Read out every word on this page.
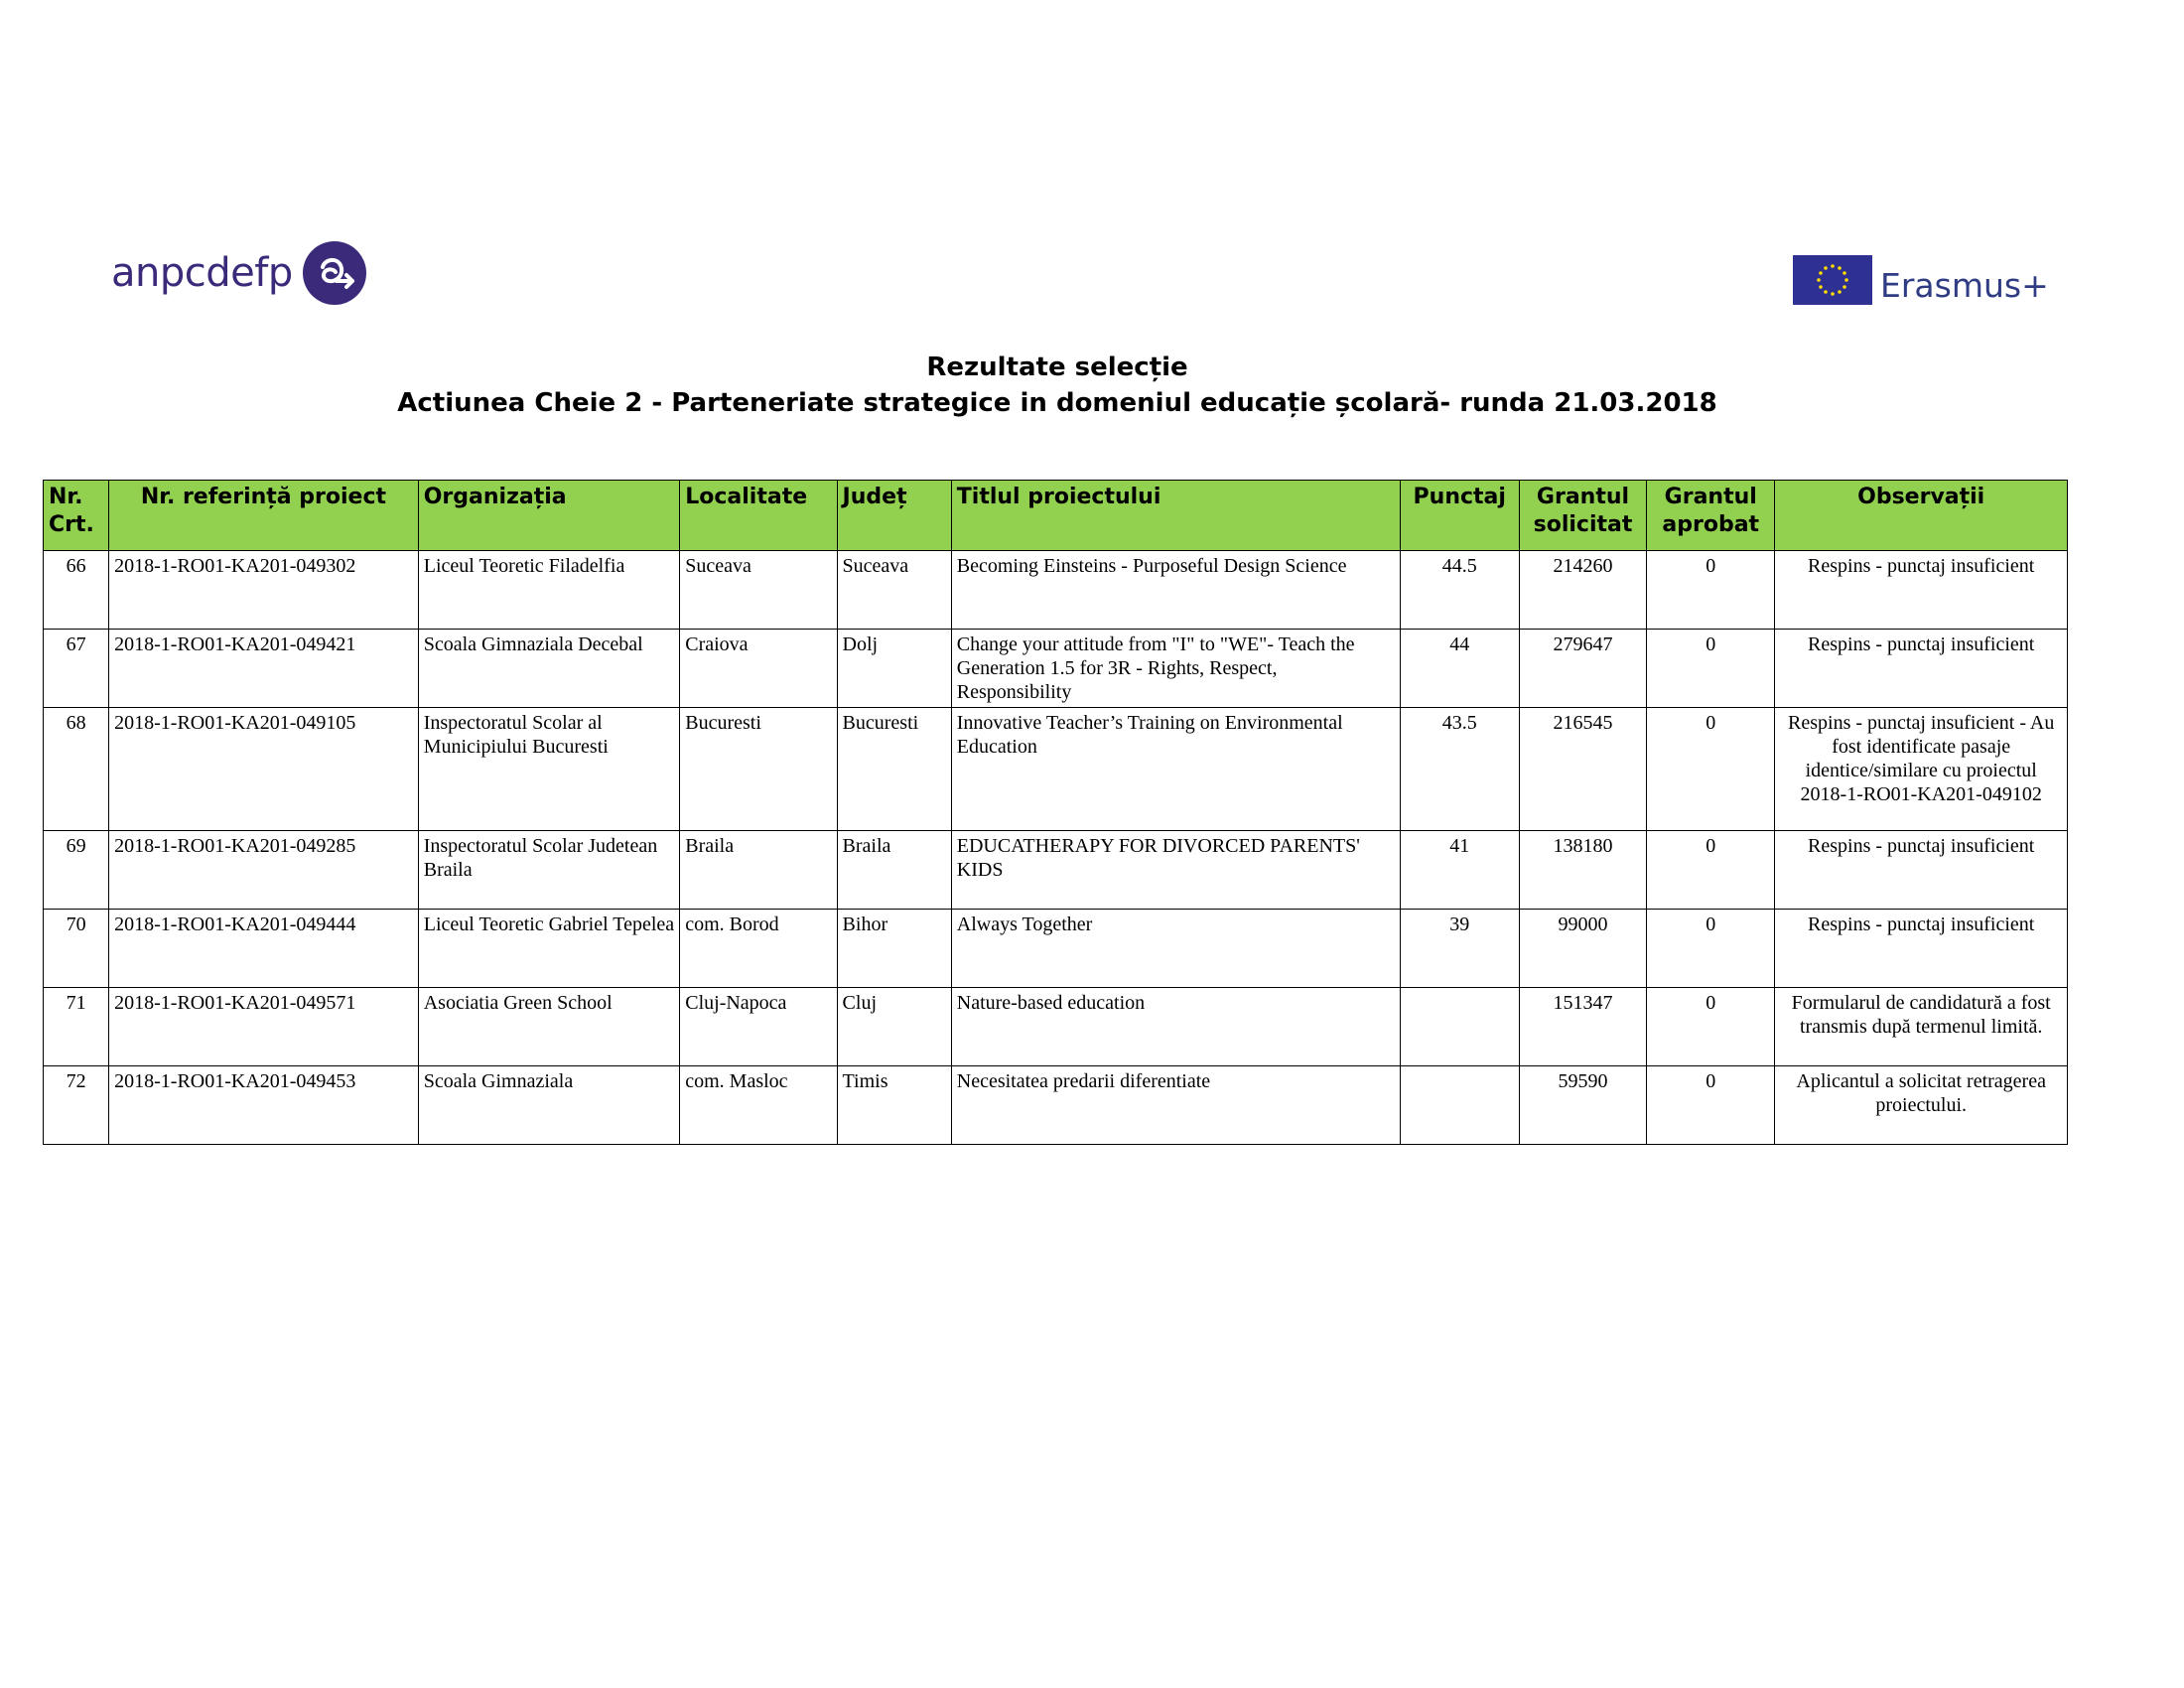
anpcdefp	Erasmus+
Rezultate selecție
Actiunea Cheie 2 - Parteneriate strategice in domeniul educație școlară- runda 21.03.2018
Nr. Crt.	Nr. referință proiect	Organizația	Localitate	Județ	Titlul proiectului	Punctaj	Grantul solicitat	Grantul aprobat	Observații
66	2018-1-RO01-KA201-049302	Liceul Teoretic Filadelfia	Suceava	Suceava	Becoming Einsteins - Purposeful Design Science	44.5	214260	0	Respins - punctaj insuficient
67	2018-1-RO01-KA201-049421	Scoala Gimnaziala Decebal	Craiova	Dolj	Change your attitude from "I" to "WE"- Teach the Generation 1.5 for 3R - Rights, Respect, Responsibility	44	279647	0	Respins - punctaj insuficient
68	2018-1-RO01-KA201-049105	Inspectoratul Scolar al Municipiului Bucuresti	Bucuresti	Bucuresti	Innovative Teacher’s Training on Environmental Education	43.5	216545	0	Respins - punctaj insuficient - Au fost identificate pasaje identice/similare cu proiectul 2018-1-RO01-KA201-049102
69	2018-1-RO01-KA201-049285	Inspectoratul Scolar Judetean Braila	Braila	Braila	EDUCATHERAPY FOR DIVORCED PARENTS' KIDS	41	138180	0	Respins - punctaj insuficient
70	2018-1-RO01-KA201-049444	Liceul Teoretic Gabriel Tepelea	com. Borod	Bihor	Always Together	39	99000	0	Respins - punctaj insuficient
71	2018-1-RO01-KA201-049571	Asociatia Green School	Cluj-Napoca	Cluj	Nature-based education		151347	0	Formularul de candidatură a fost transmis după termenul limită.
72	2018-1-RO01-KA201-049453	Scoala Gimnaziala	com. Masloc	Timis	Necesitatea predarii diferentiate		59590	0	Aplicantul a solicitat retragerea proiectului.
